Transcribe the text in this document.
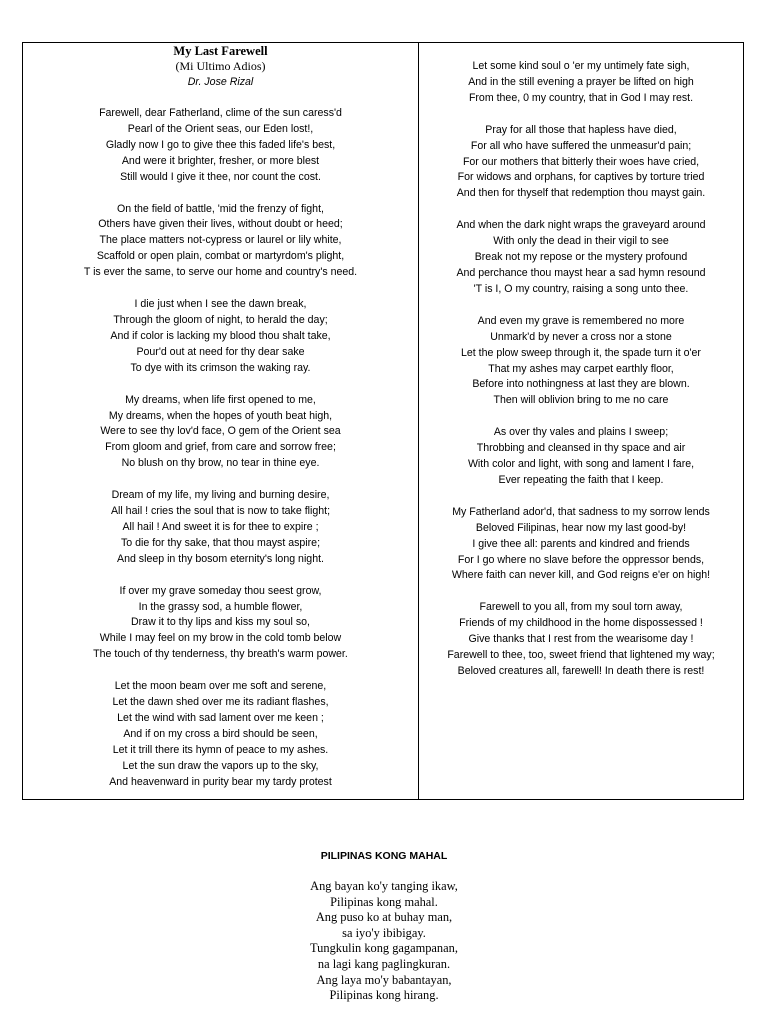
My Last Farewell
(Mi Ultimo Adios)
Dr. Jose Rizal
Farewell, dear Fatherland, clime of the sun caress'd
Pearl of the Orient seas, our Eden lost!,
Gladly now I go to give thee this faded life's best,
And were it brighter, fresher, or more blest
Still would I give it thee, nor count the cost.
On the field of battle, 'mid the frenzy of fight,
Others have given their lives, without doubt or heed;
The place matters not-cypress or laurel or lily white,
Scaffold or open plain, combat or martyrdom's plight,
T is ever the same, to serve our home and country's need.
I die just when I see the dawn break,
Through the gloom of night, to herald the day;
And if color is lacking my blood thou shalt take,
Pour'd out at need for thy dear sake
To dye with its crimson the waking ray.
My dreams, when life first opened to me,
My dreams, when the hopes of youth beat high,
Were to see thy lov'd face, O gem of the Orient sea
From gloom and grief, from care and sorrow free;
No blush on thy brow, no tear in thine eye.
Dream of my life, my living and burning desire,
All hail ! cries the soul that is now to take flight;
All hail ! And sweet it is for thee to expire ;
To die for thy sake, that thou mayst aspire;
And sleep in thy bosom eternity's long night.
If over my grave someday thou seest grow,
In the grassy sod, a humble flower,
Draw it to thy lips and kiss my soul so,
While I may feel on my brow in the cold tomb below
The touch of thy tenderness, thy breath's warm power.
Let the moon beam over me soft and serene,
Let the dawn shed over me its radiant flashes,
Let the wind with sad lament over me keen ;
And if on my cross a bird should be seen,
Let it trill there its hymn of peace to my ashes.
Let the sun draw the vapors up to the sky,
And heavenward in purity bear my tardy protest
Let some kind soul o 'er my untimely fate sigh,
And in the still evening a prayer be lifted on high
From thee, 0 my country, that in God I may rest.
Pray for all those that hapless have died,
For all who have suffered the unmeasur'd pain;
For our mothers that bitterly their woes have cried,
For widows and orphans, for captives by torture tried
And then for thyself that redemption thou mayst gain.
And when the dark night wraps the graveyard around
With only the dead in their vigil to see
Break not my repose or the mystery profound
And perchance thou mayst hear a sad hymn resound
'T is I, O my country, raising a song unto thee.
And even my grave is remembered no more
Unmark'd by never a cross nor a stone
Let the plow sweep through it, the spade turn it o'er
That my ashes may carpet earthly floor,
Before into nothingness at last they are blown.
Then will oblivion bring to me no care
As over thy vales and plains I sweep;
Throbbing and cleansed in thy space and air
With color and light, with song and lament I fare,
Ever repeating the faith that I keep.
My Fatherland ador'd, that sadness to my sorrow lends
Beloved Filipinas, hear now my last good-by!
I give thee all: parents and kindred and friends
For I go where no slave before the oppressor bends,
Where faith can never kill, and God reigns e'er on high!
Farewell to you all, from my soul torn away,
Friends of my childhood in the home dispossessed !
Give thanks that I rest from the wearisome day !
Farewell to thee, too, sweet friend that lightened my way;
Beloved creatures all, farewell! In death there is rest!
PILIPINAS KONG MAHAL
Ang bayan ko'y tanging ikaw,
Pilipinas kong mahal.
Ang puso ko at buhay man,
sa iyo'y ibibigay.
Tungkulin kong gagampanan,
na lagi kang paglingkuran.
Ang laya mo'y babantayan,
Pilipinas kong hirang.
